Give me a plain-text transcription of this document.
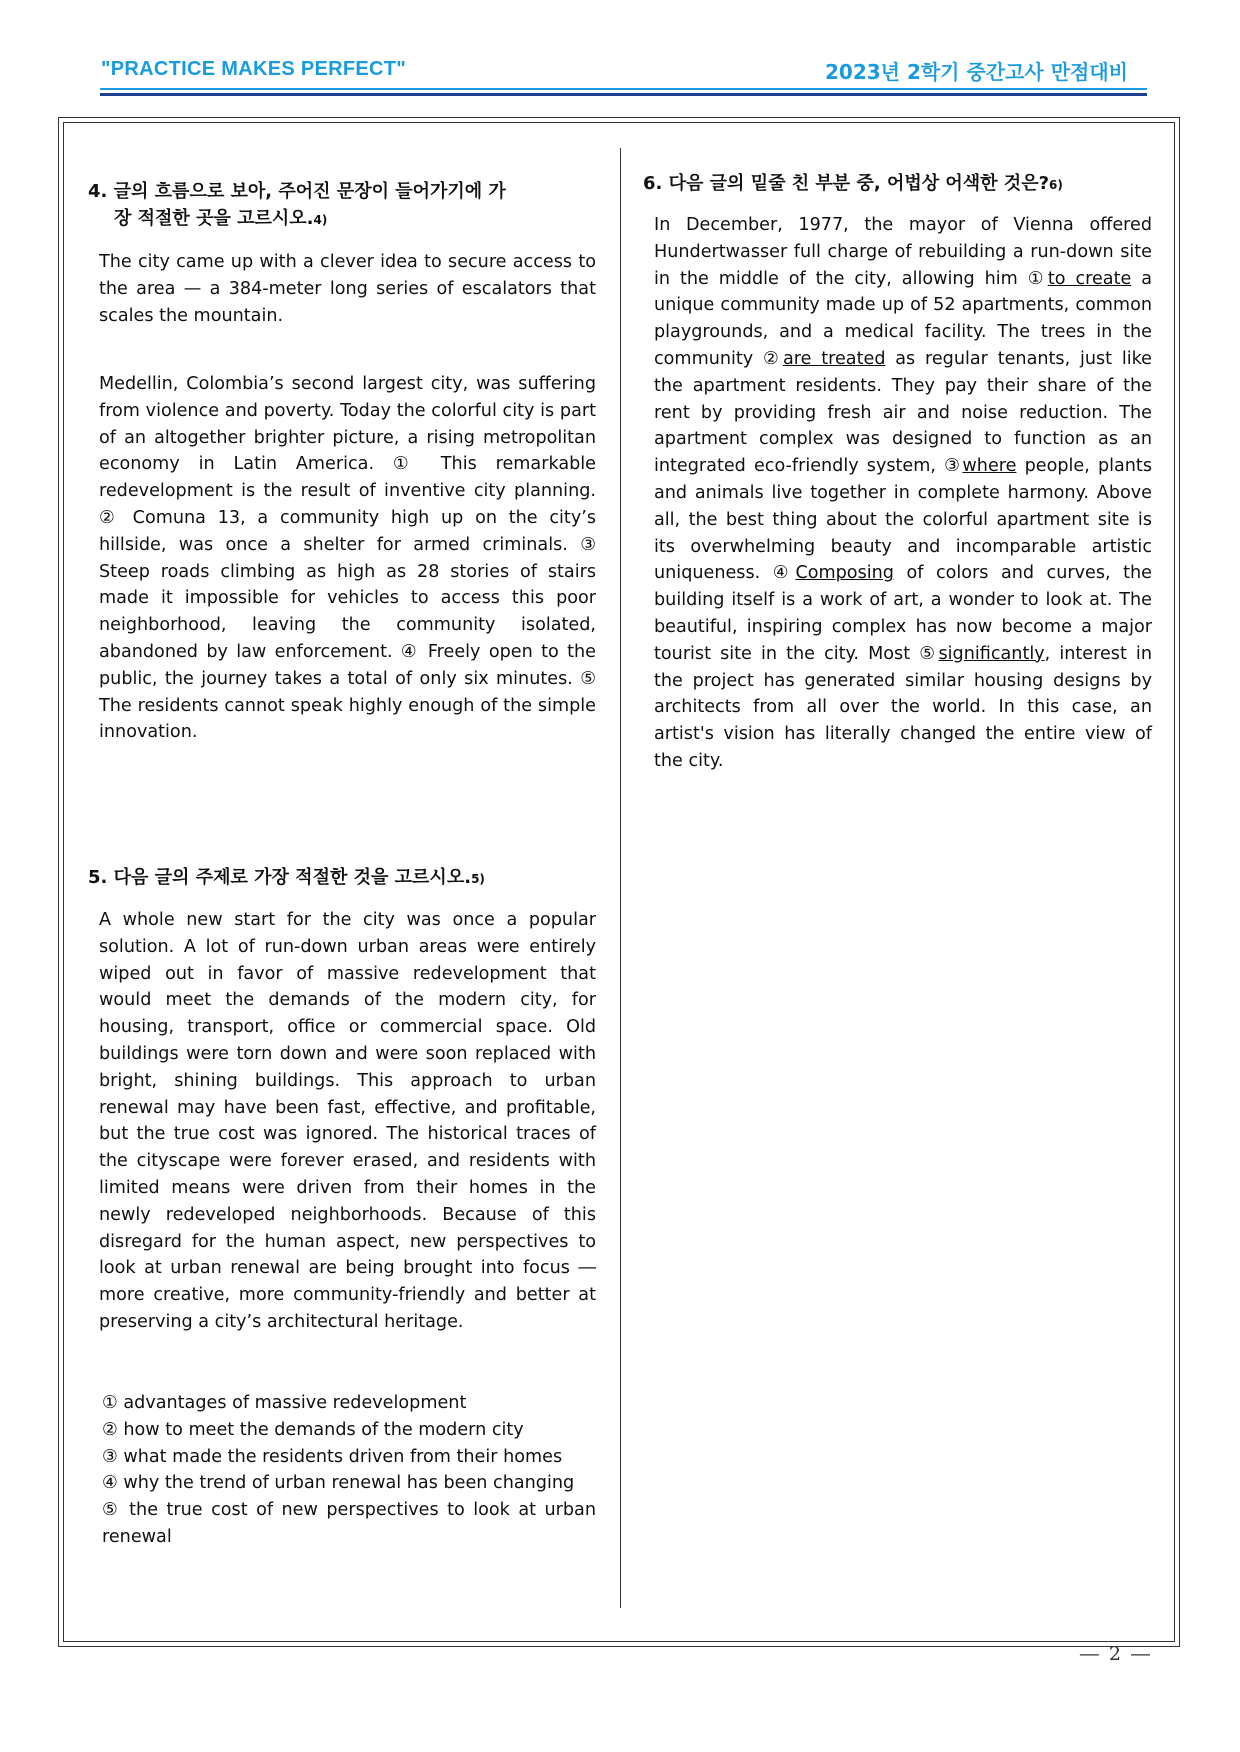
"PRACTICE MAKES PERFECT"	2023년 2학기 중간고사 만점대비
4. 글의 흐름으로 보아, 주어진 문장이 들어가기에 가
장 적절한 곳을 고르시오.4)

The city came up with a clever idea to secure access to the area — a 384-meter long series of escalators that scales the mountain.

Medellin, Colombia’s second largest city, was suffering from violence and poverty. Today the colorful city is part of an altogether brighter picture, a rising metropolitan economy in Latin America. ① This remarkable redevelopment is the result of inventive city planning. ② Comuna 13, a community high up on the city’s hillside, was once a shelter for armed criminals. ③ Steep roads climbing as high as 28 stories of stairs made it impossible for vehicles to access this poor neighborhood, leaving the community isolated, abandoned by law enforcement. ④ Freely open to the public, the journey takes a total of only six minutes. ⑤ The residents cannot speak highly enough of the simple innovation.

5. 다음 글의 주제로 가장 적절한 것을 고르시오.5)

A whole new start for the city was once a popular solution. A lot of run-down urban areas were entirely wiped out in favor of massive redevelopment that would meet the demands of the modern city, for housing, transport, office or commercial space. Old buildings were torn down and were soon replaced with bright, shining buildings. This approach to urban renewal may have been fast, effective, and profitable, but the true cost was ignored. The historical traces of the cityscape were forever erased, and residents with limited means were driven from their homes in the newly redeveloped neighborhoods. Because of this disregard for the human aspect, new perspectives to look at urban renewal are being brought into focus ― more creative, more community-friendly and better at preserving a city’s architectural heritage.

① advantages of massive redevelopment
② how to meet the demands of the modern city
③ what made the residents driven from their homes
④ why the trend of urban renewal has been changing
⑤ the true cost of new perspectives to look at urban renewal
6. 다음 글의 밑줄 친 부분 중, 어법상 어색한 것은?6)

In December, 1977, the mayor of Vienna offered Hundertwasser full charge of rebuilding a run-down site in the middle of the city, allowing him ①to create a unique community made up of 52 apartments, common playgrounds, and a medical facility. The trees in the community ②are treated as regular tenants, just like the apartment residents. They pay their share of the rent by providing fresh air and noise reduction. The apartment complex was designed to function as an integrated eco-friendly system, ③where people, plants and animals live together in complete harmony. Above all, the best thing about the colorful apartment site is its overwhelming beauty and incomparable artistic uniqueness. ④Composing of colors and curves, the building itself is a work of art, a wonder to look at. The beautiful, inspiring complex has now become a major tourist site in the city. Most ⑤significantly, interest in the project has generated similar housing designs by architects from all over the world. In this case, an artist's vision has literally changed the entire view of the city.

― 2 ―
